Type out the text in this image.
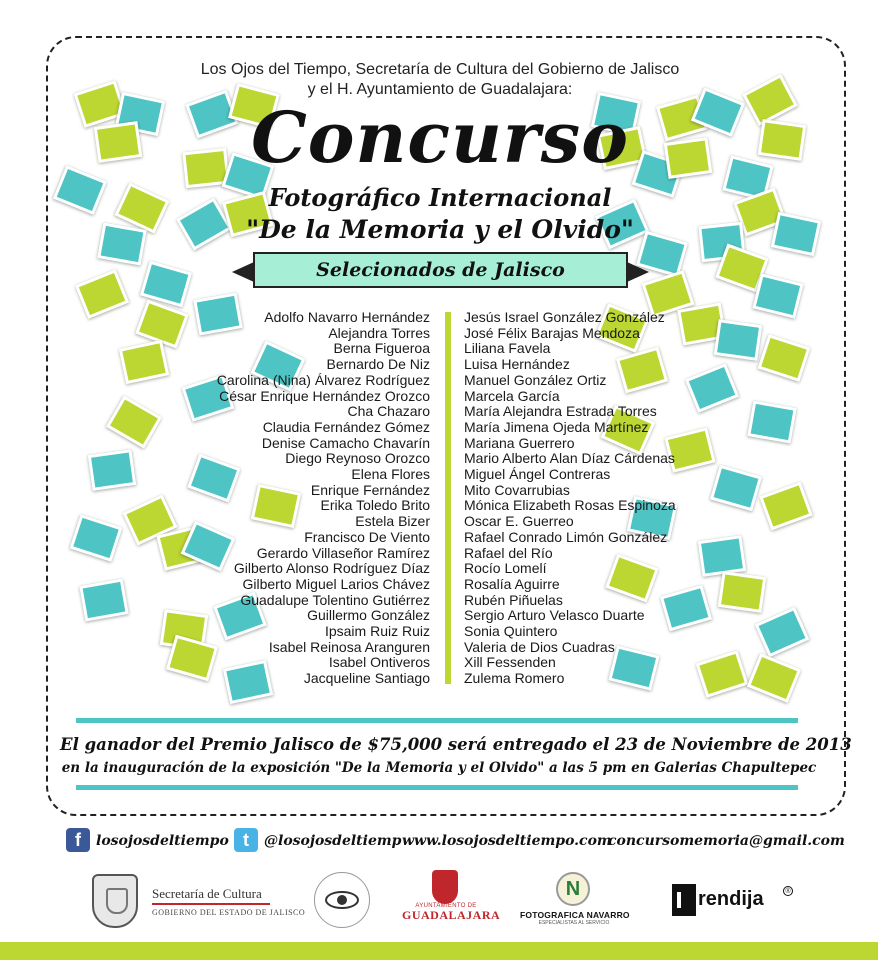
Los Ojos del Tiempo, Secretaría de Cultura del Gobierno de Jalisco
y el H. Ayuntamiento de Guadalajara:
Concurso
Fotográfico Internacional
"De la Memoria y el Olvido"
Selecionados de Jalisco
Adolfo Navarro Hernández
Alejandra Torres
Berna Figueroa
Bernardo De Niz
Carolina (Nina) Álvarez Rodríguez
César Enrique Hernández Orozco
Cha Chazaro
Claudia Fernández Gómez
Denise Camacho Chavarín
Diego Reynoso Orozco
Elena Flores
Enrique Fernández
Erika Toledo Brito
Estela Bizer
Francisco De Viento
Gerardo Villaseñor Ramírez
Gilberto Alonso Rodríguez Díaz
Gilberto Miguel Larios Chávez
Guadalupe Tolentino Gutiérrez
Guillermo González
Ipsaim Ruiz Ruiz
Isabel Reinosa Aranguren
Isabel Ontiveros
Jacqueline Santiago
Jesús Israel González González
José Félix Barajas Mendoza
Liliana Favela
Luisa Hernández
Manuel González Ortiz
Marcela García
María Alejandra Estrada Torres
María Jimena Ojeda Martínez
Mariana Guerrero
Mario Alberto Alan Díaz Cárdenas
Miguel Ángel Contreras
Mito Covarrubias
Mónica Elizabeth Rosas Espinoza
Oscar E. Guerreo
Rafael Conrado Limón González
Rafael del Río
Rocío Lomelí
Rosalía Aguirre
Rubén Piñuelas
Sergio Arturo Velasco Duarte
Sonia Quintero
Valeria de Dios Cuadras
Xill Fessenden
Zulema Romero
El ganador del Premio Jalisco de $75,000 será entregado el 23 de Noviembre de 2013
en la inauguración de la exposición "De la Memoria y el Olvido" a las 5 pm en Galerias Chapultepec
f	losojosdeltiempo t	@losojosdeltiemp www.losojosdeltiempo.com
concursomemoria@gmail.com
Secretaría de Cultura
GOBIERNO DEL ESTADO DE JALISCO
AYUNTAMIENTO DE
GUADALAJARA
N
FOTOGRAFICA NAVARRO
ESPECIALISTAS AL SERVICIO
rendija	®
